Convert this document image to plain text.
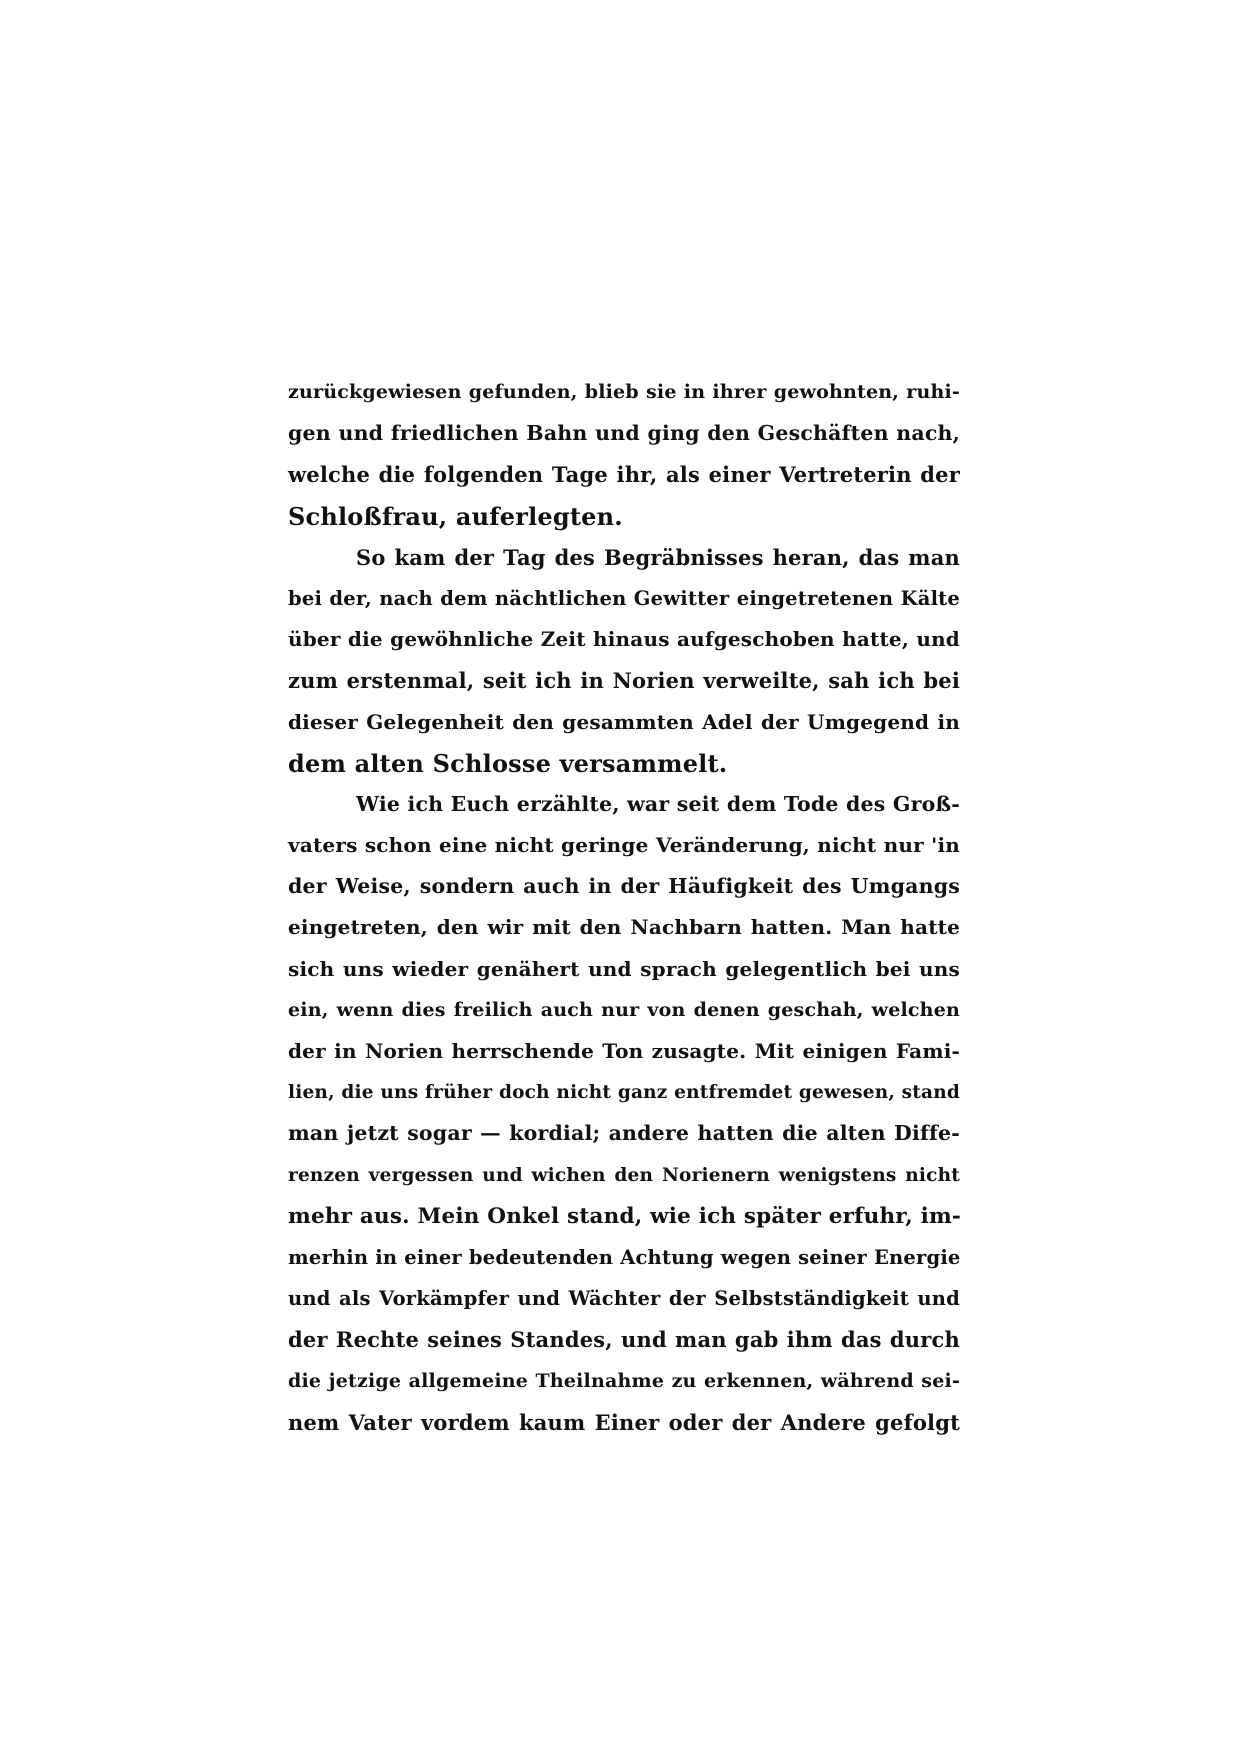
zurückgewiesen gefunden, blieb sie in ihrer gewohnten, ruhi-
gen und friedlichen Bahn und ging den Geschäften nach,
welche die folgenden Tage ihr, als einer Vertreterin der
Schloßfrau, auferlegten.
So kam der Tag des Begräbnisses heran, das man
bei der, nach dem nächtlichen Gewitter eingetretenen Kälte
über die gewöhnliche Zeit hinaus aufgeschoben hatte, und
zum erstenmal, seit ich in Norien verweilte, sah ich bei
dieser Gelegenheit den gesammten Adel der Umgegend in
dem alten Schlosse versammelt.
Wie ich Euch erzählte, war seit dem Tode des Groß-
vaters schon eine nicht geringe Veränderung, nicht nur 'in
der Weise, sondern auch in der Häufigkeit des Umgangs
eingetreten, den wir mit den Nachbarn hatten. Man hatte
sich uns wieder genähert und sprach gelegentlich bei uns
ein, wenn dies freilich auch nur von denen geschah, welchen
der in Norien herrschende Ton zusagte. Mit einigen Fami-
lien, die uns früher doch nicht ganz entfremdet gewesen, stand
man jetzt sogar — kordial; andere hatten die alten Diffe-
renzen vergessen und wichen den Norienern wenigstens nicht
mehr aus. Mein Onkel stand, wie ich später erfuhr, im-
merhin in einer bedeutenden Achtung wegen seiner Energie
und als Vorkämpfer und Wächter der Selbstständigkeit und
der Rechte seines Standes, und man gab ihm das durch
die jetzige allgemeine Theilnahme zu erkennen, während sei-
nem Vater vordem kaum Einer oder der Andere gefolgt
